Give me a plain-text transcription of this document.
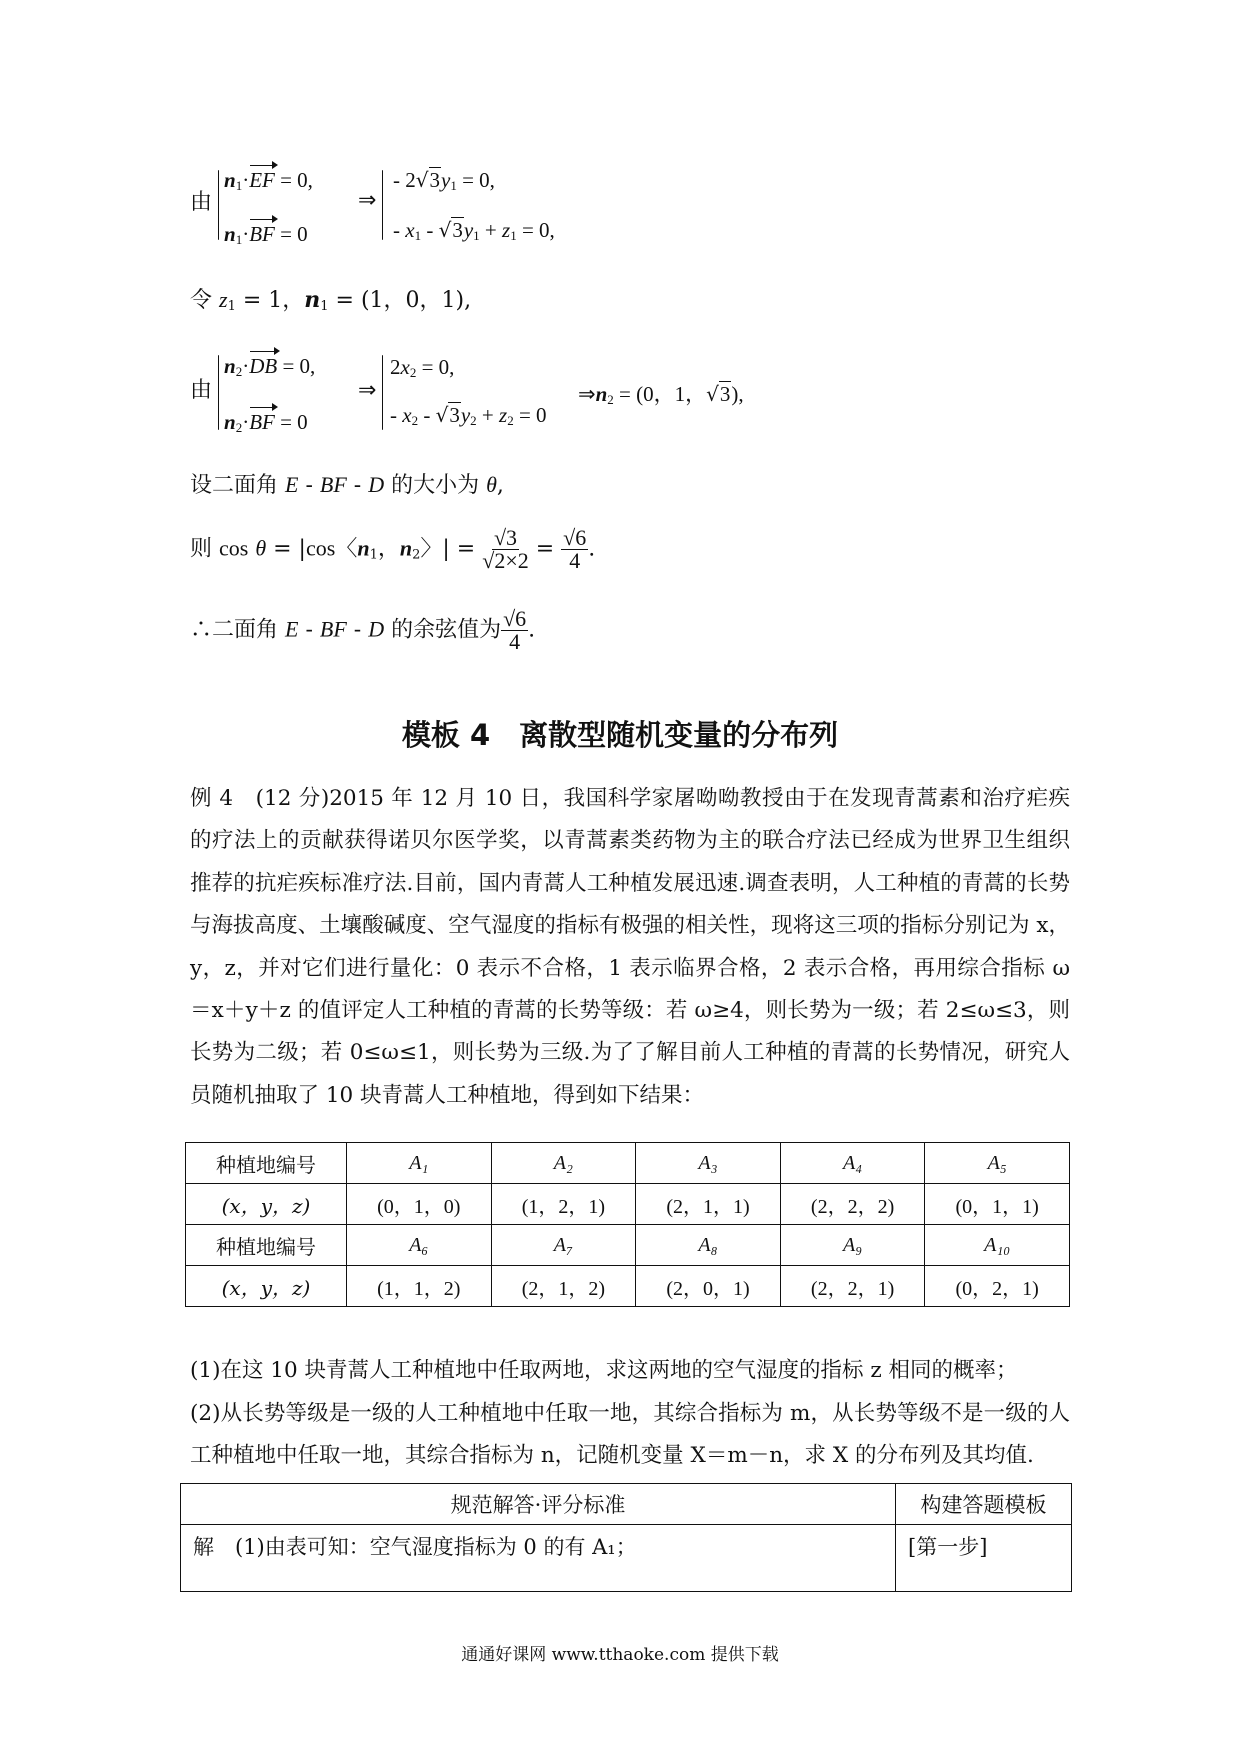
由
$n_1\cdot EF = 0$,
$n_1\cdot BF = 0$
⇒
- $2√3y_1 = 0$,
- $x_1 - √3y_1 + z_1 = 0$,
令 $z_1 = 1$，$n_1 = (1$，0，1),
由
$n_2\cdot DB = 0$,
$n_2\cdot BF = 0$
⇒
$2x_2 = 0$,
- $x_2 - √3y_2 + z_2 = 0$
$\Rightarrow n_2 = (0$，1，√3),
设二面角 E - BF - D 的大小为 θ,
则 cos θ = |cos〈$n_1$，$n_2$〉| = $\frac{√3}{√2\times 2} = \frac{√6}{4}$ .
∴二面角 E - BF - D 的余弦值为 $\frac{√6}{4}$ .
模板 4　离散型随机变量的分布列
例 4　(12 分)2015 年 12 月 10 日，我国科学家屠呦呦教授由于在发现青蒿素和治疗疟疾的疗法上的贡献获得诺贝尔医学奖，以青蒿素类药物为主的联合疗法已经成为世界卫生组织推荐的抗疟疾标准疗法.目前，国内青蒿人工种植发展迅速.调查表明，人工种植的青蒿的长势与海拔高度、土壤酸碱度、空气湿度的指标有极强的相关性，现将这三项的指标分别记为 x，y，z，并对它们进行量化：0 表示不合格，1 表示临界合格，2 表示合格，再用综合指标 ω＝x＋y＋z 的值评定人工种植的青蒿的长势等级：若 ω≥4，则长势为一级；若 2≤ω≤3，则长势为二级；若 0≤ω≤1，则长势为三级.为了了解目前人工种植的青蒿的长势情况，研究人员随机抽取了 10 块青蒿人工种植地，得到如下结果：
种植地编号	A₁	A₂	A₃	A₄	A₅
(x，y，z)	(0，1，0)	(1，2，1)	(2，1，1)	(2，2，2)	(0，1，1)
种植地编号	A₆	A₇	A₈	A₉	A₁₀
(x，y，z)	(1，1，2)	(2，1，2)	(2，0，1)	(2，2，1)	(0，2，1)
(1)在这 10 块青蒿人工种植地中任取两地，求这两地的空气湿度的指标 z 相同的概率；
(2)从长势等级是一级的人工种植地中任取一地，其综合指标为 m，从长势等级不是一级的人工种植地中任取一地，其综合指标为 n，记随机变量 X＝m－n，求 X 的分布列及其均值.
规范解答·评分标准	构建答题模板
解　(1)由表可知：空气湿度指标为 0 的有 A₁；	[第一步]
通通好课网 www.tthaoke.com 提供下载
